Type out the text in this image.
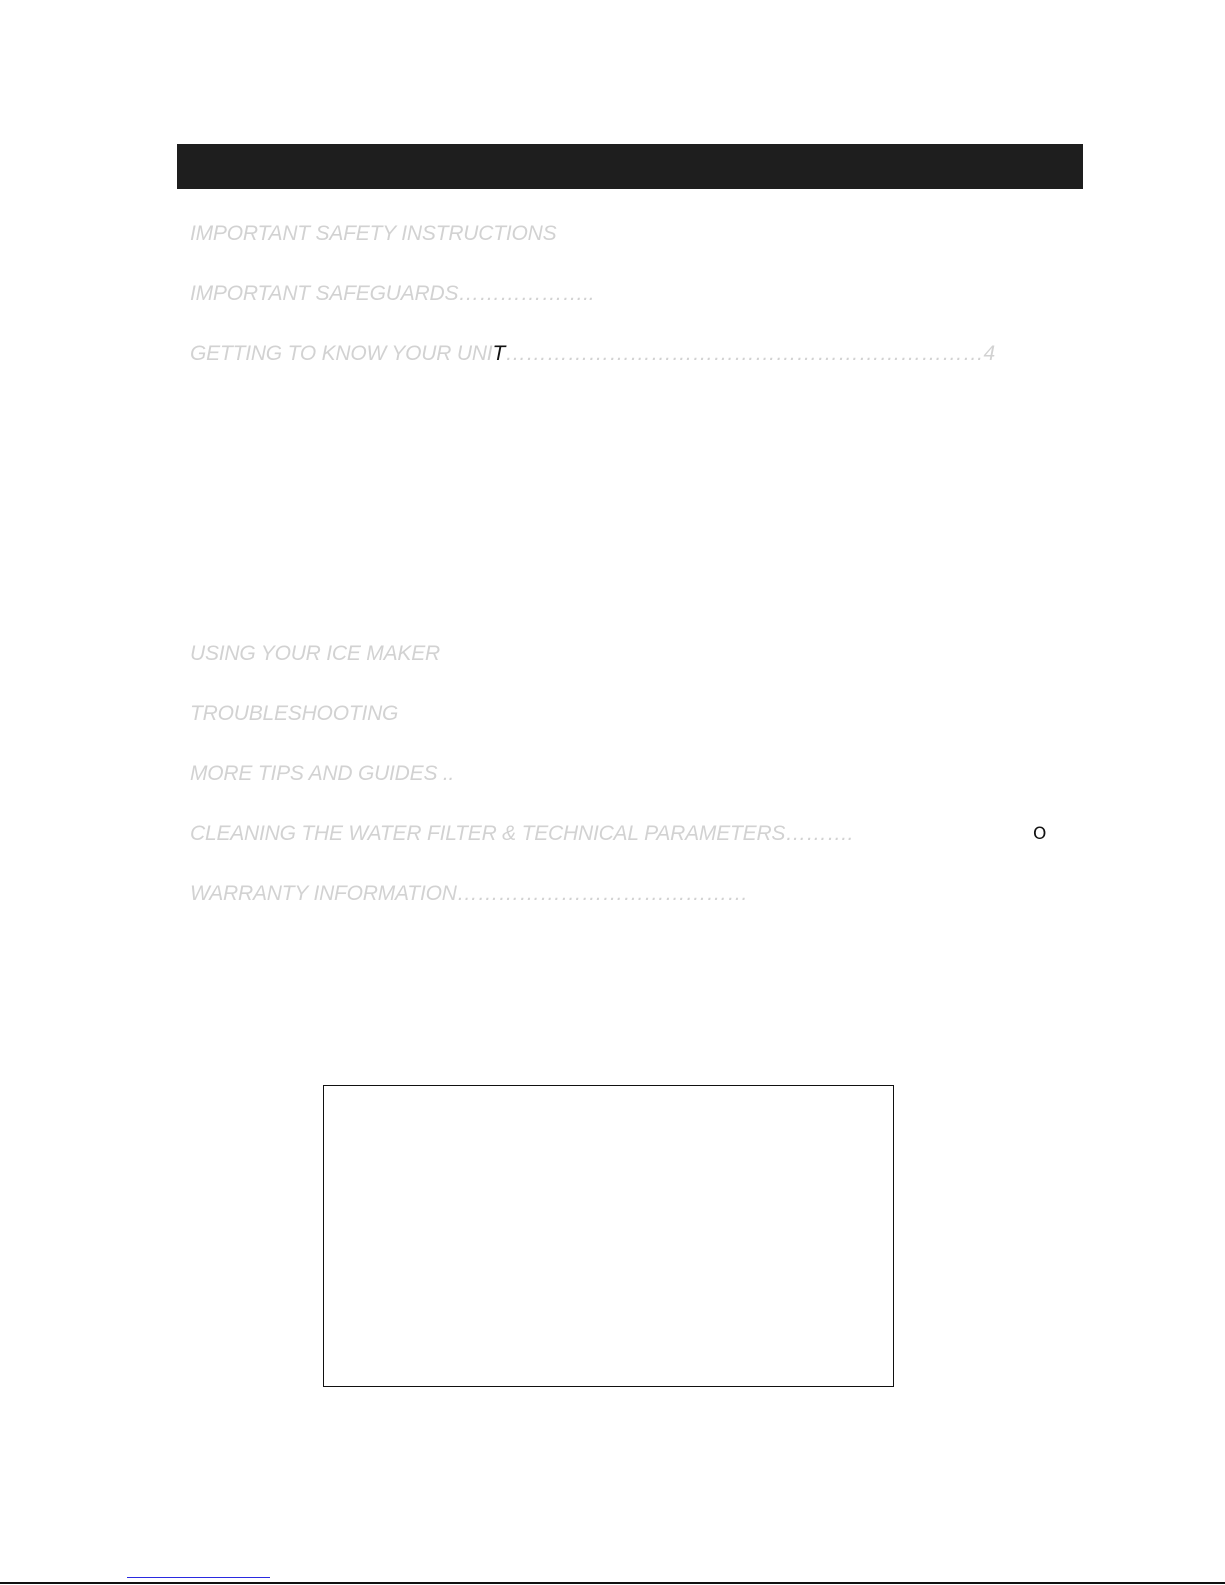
IMPORTANT SAFETY INSTRUCTIONS
IMPORTANT SAFEGUARDS………………..
GETTING TO KNOW YOUR UNIT……………………………………………………………4
USING YOUR ICE MAKER
TROUBLESHOOTING
MORE TIPS AND GUIDES ..
CLEANING THE WATER FILTER & TECHNICAL PARAMETERS……….	O
WARRANTY INFORMATION……………………………………
